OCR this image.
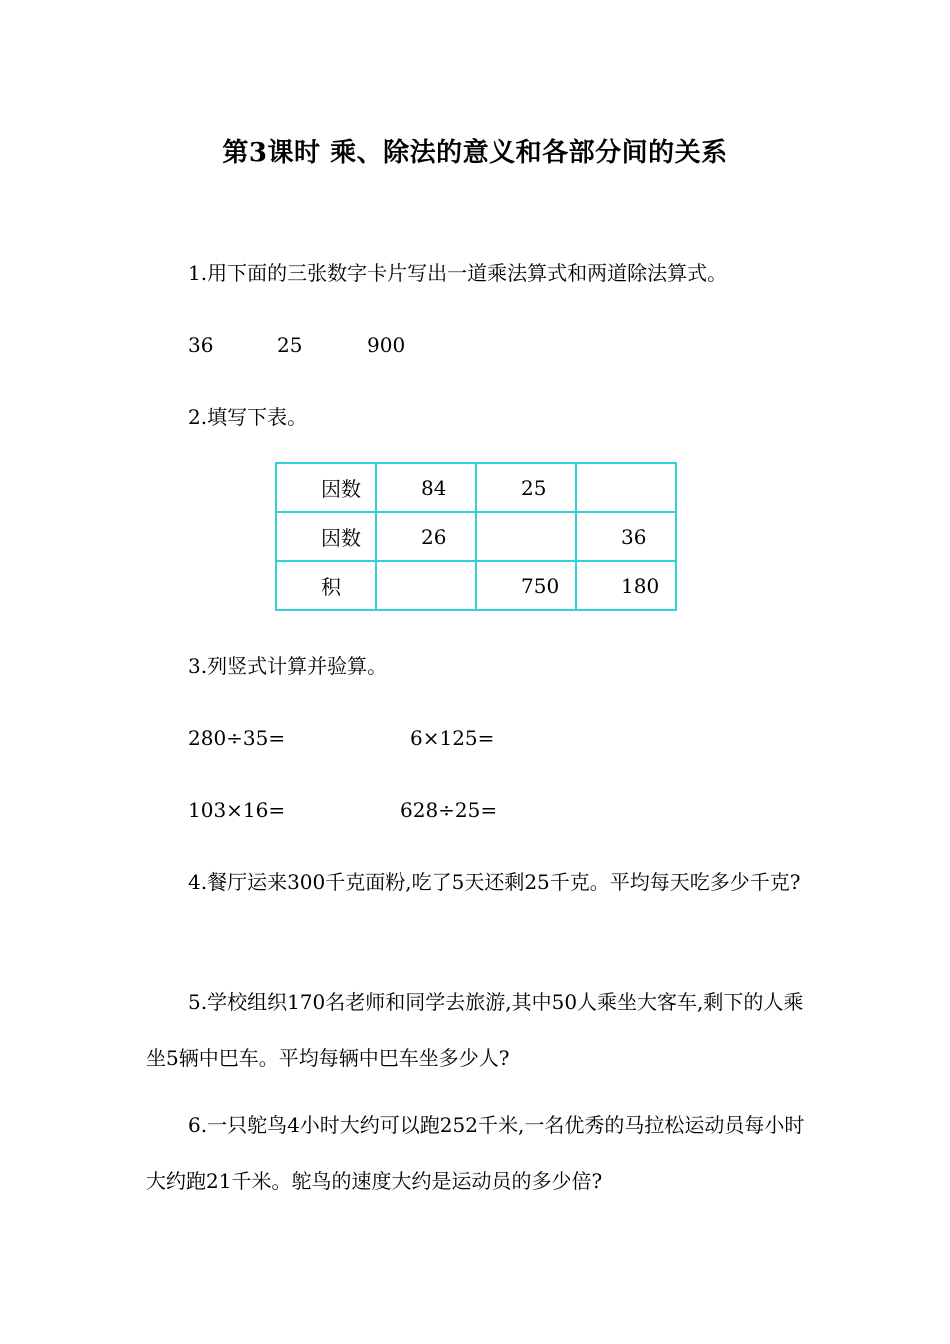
第3课时 乘、除法的意义和各部分间的关系
1.用下面的三张数字卡片写出一道乘法算式和两道除法算式。
36	25	900
2.填写下表。
因数	84	25	
因数	26		36
积		750	180
3.列竖式计算并验算。
280÷35=	6×125=
103×16=	628÷25=
4.餐厅运来300千克面粉,吃了5天还剩25千克。平均每天吃多少千克?
5.学校组织170名老师和同学去旅游,其中50人乘坐大客车,剩下的人乘坐5辆中巴车。平均每辆中巴车坐多少人?
6.一只鸵鸟4小时大约可以跑252千米,一名优秀的马拉松运动员每小时大约跑21千米。鸵鸟的速度大约是运动员的多少倍?
